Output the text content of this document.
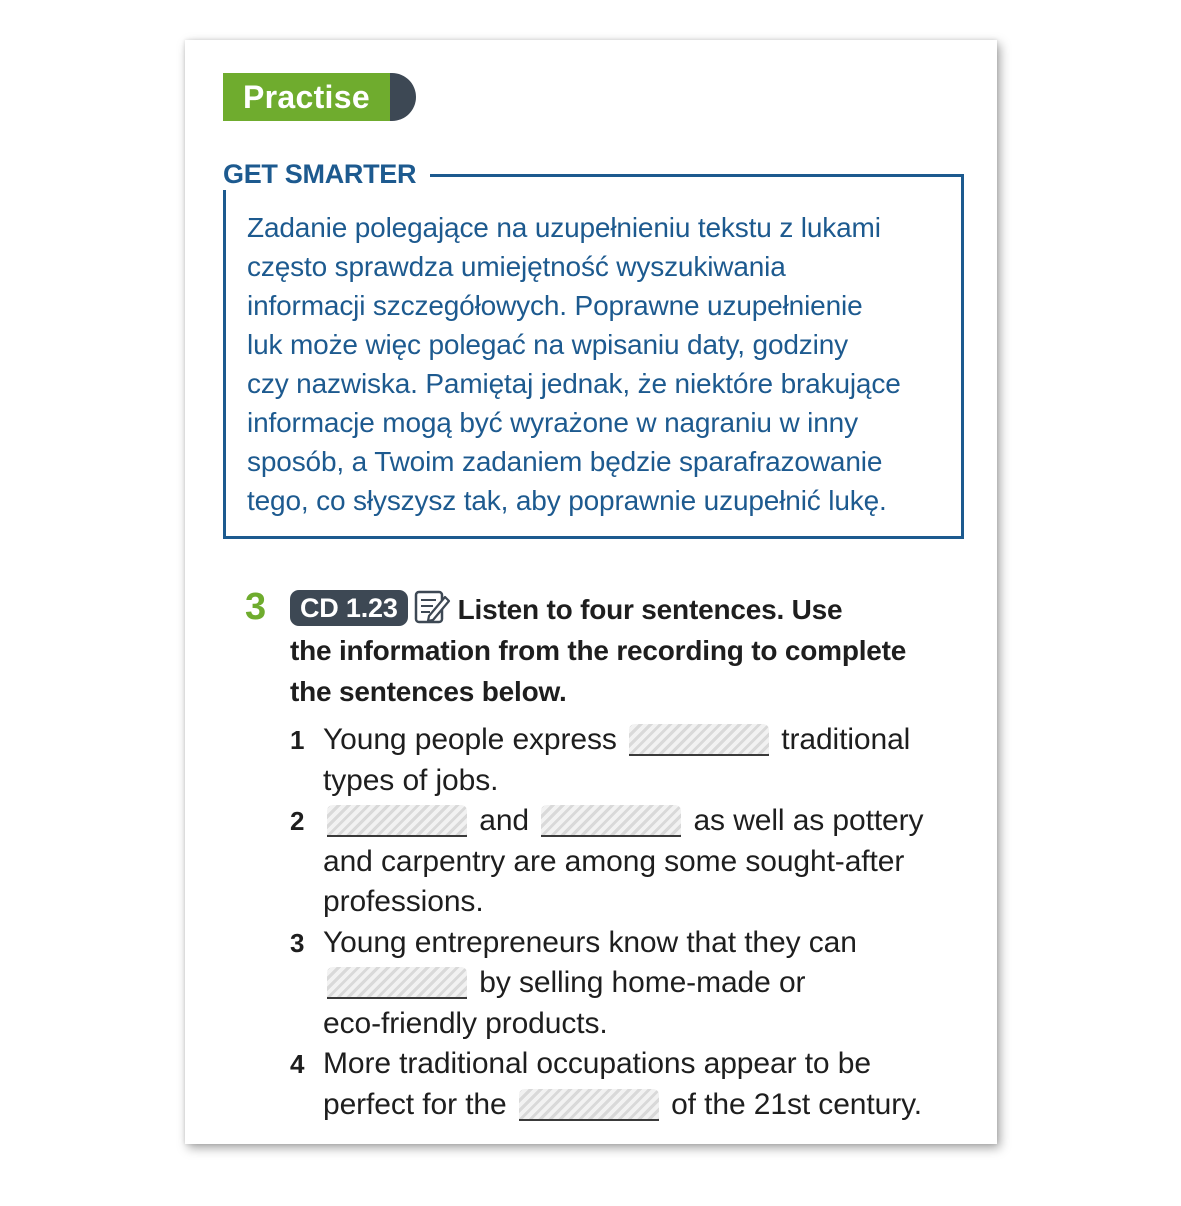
Practise
GET SMARTER
Zadanie polegające na uzupełnieniu tekstu z lukami
często sprawdza umiejętność wyszukiwania
informacji szczegółowych. Poprawne uzupełnienie
luk może więc polegać na wpisaniu daty, godziny
czy nazwiska. Pamiętaj jednak, że niektóre brakujące
informacje mogą być wyrażone w nagraniu w inny
sposób, a Twoim zadaniem będzie sparafrazowanie
tego, co słyszysz tak, aby poprawnie uzupełnić lukę.
3	CD 1.23 Listen to four sentences. Use
the information from the recording to complete
the sentences below.
1 Young people express	traditional
types of jobs.
2	and	as well as pottery
and carpentry are among some sought-after
professions.
3 Young entrepreneurs know that they can
by selling home-made or
eco-friendly products.
4 More traditional occupations appear to be
perfect for the	of the 21st century.
